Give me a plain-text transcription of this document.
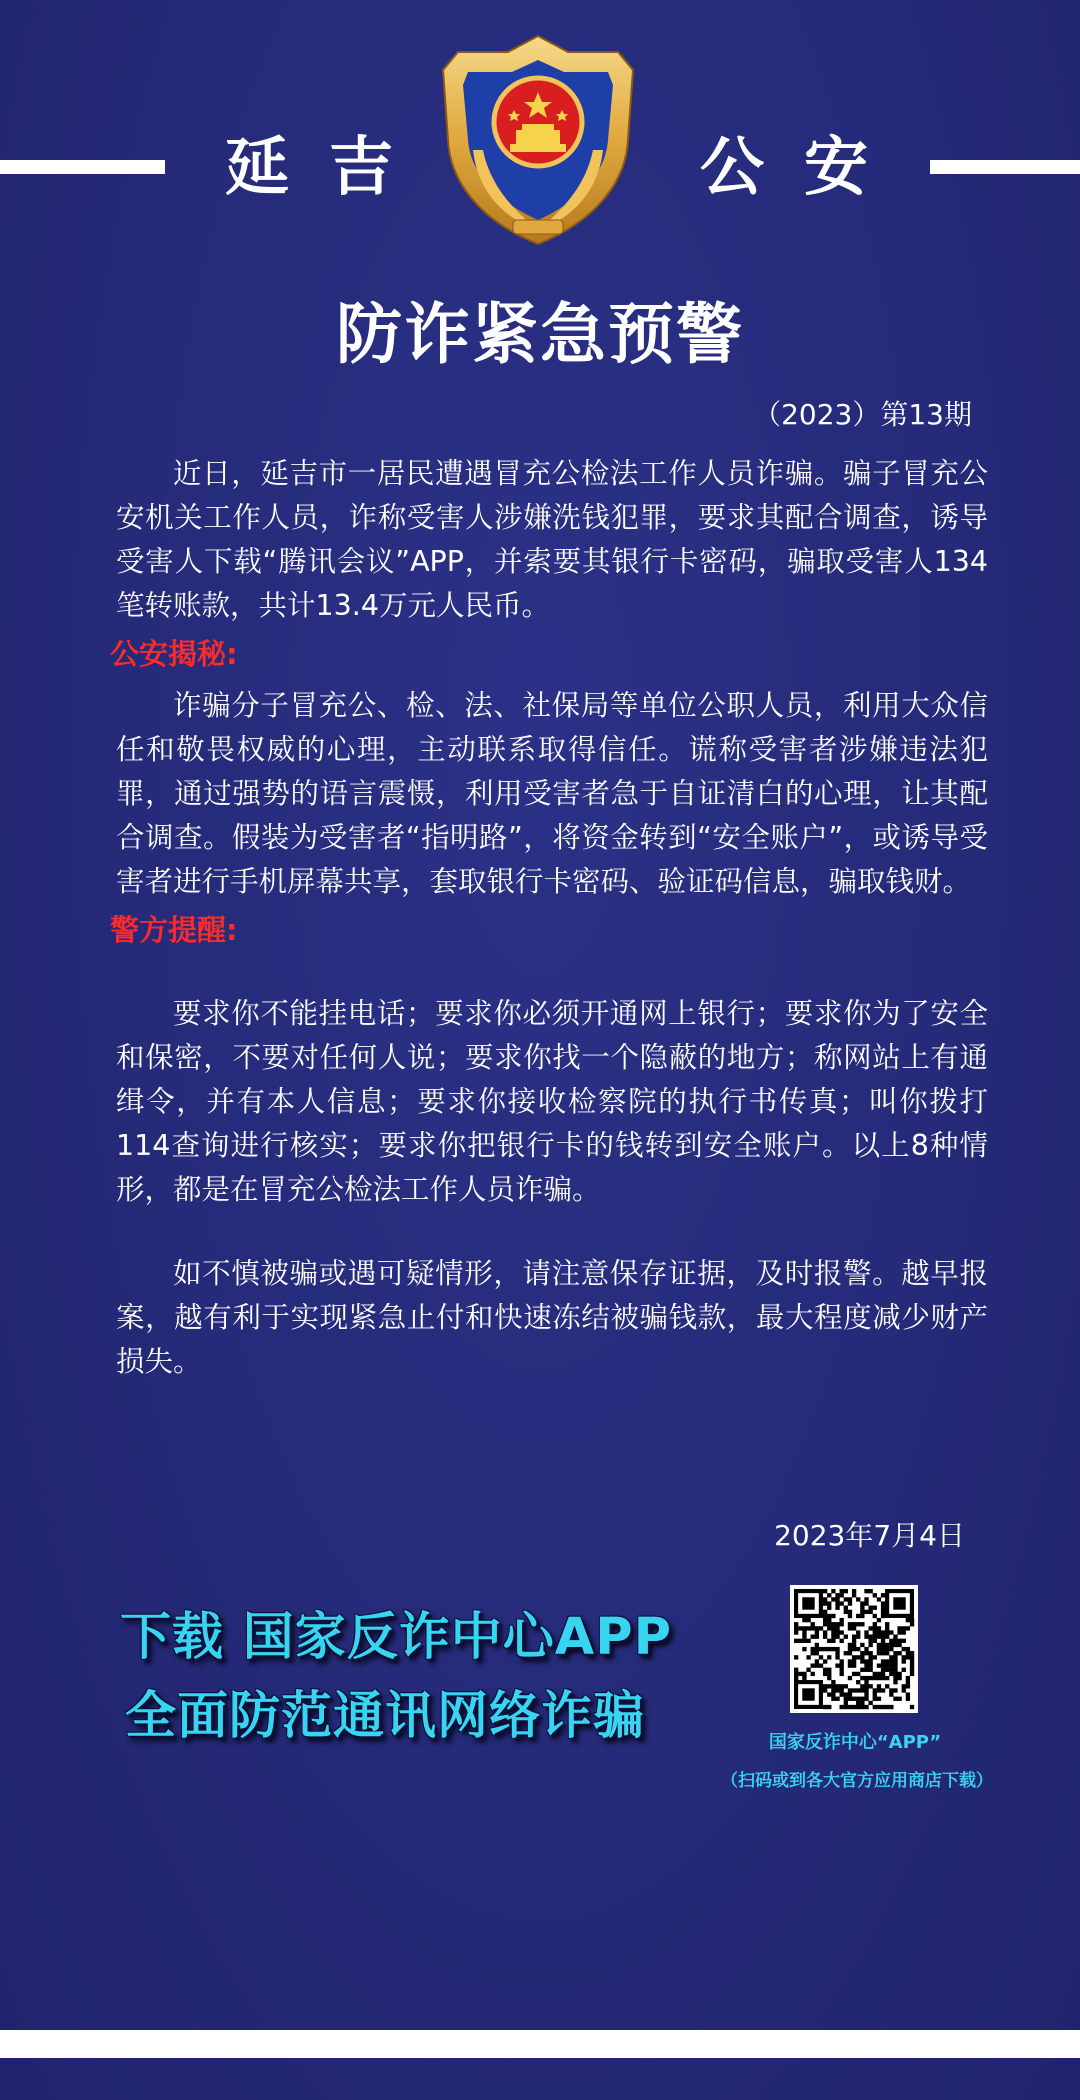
延吉	公安
防诈紧急预警
（2023）第13期

近日，延吉市一居民遭遇冒充公检法工作人员诈骗。骗子冒充公安机关工作人员，诈称受害人涉嫌洗钱犯罪，要求其配合调查，诱导受害人下载“腾讯会议”APP，并索要其银行卡密码，骗取受害人134笔转账款，共计13.4万元人民币。

公安揭秘:

诈骗分子冒充公、检、法、社保局等单位公职人员，利用大众信任和敬畏权威的心理，主动联系取得信任。谎称受害者涉嫌违法犯罪，通过强势的语言震慑，利用受害者急于自证清白的心理，让其配合调查。假装为受害者“指明路”，将资金转到“安全账户”，或诱导受害者进行手机屏幕共享，套取银行卡密码、验证码信息，骗取钱财。

警方提醒:

要求你不能挂电话；要求你必须开通网上银行；要求你为了安全和保密，不要对任何人说；要求你找一个隐蔽的地方；称网站上有通缉令，并有本人信息；要求你接收检察院的执行书传真；叫你拨打114查询进行核实；要求你把银行卡的钱转到安全账户。以上8种情形，都是在冒充公检法工作人员诈骗。

如不慎被骗或遇可疑情形，请注意保存证据，及时报警。越早报案，越有利于实现紧急止付和快速冻结被骗钱款，最大程度减少财产损失。

2023年7月4日
下载 国家反诈中心APP
全面防范通讯网络诈骗	国家反诈中心“APP”
（扫码或到各大官方应用商店下载）
